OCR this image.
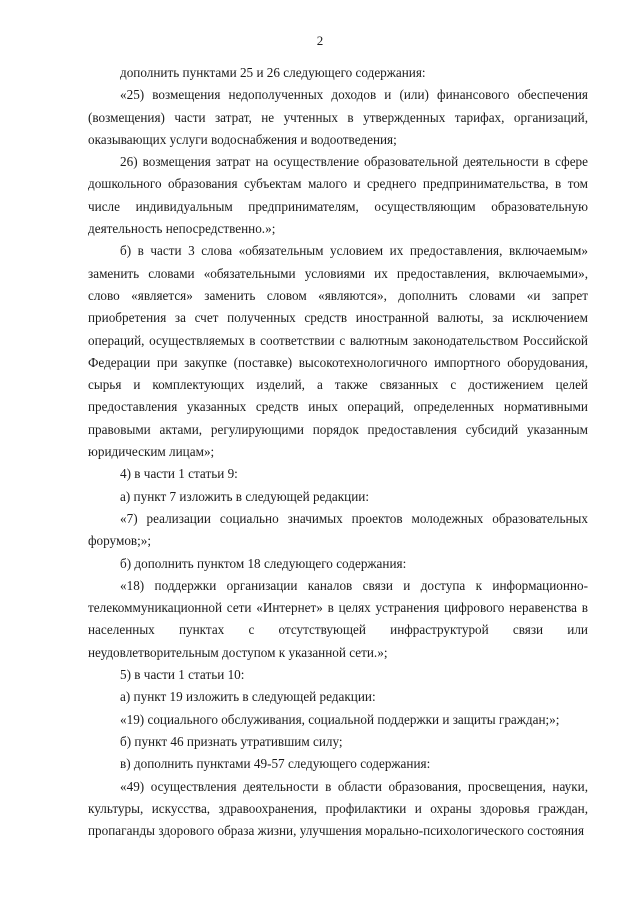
2

дополнить пунктами 25 и 26 следующего содержания:

«25) возмещения недополученных доходов и (или) финансового обеспечения (возмещения) части затрат, не учтенных в утвержденных тарифах, организаций, оказывающих услуги водоснабжения и водоотведения;

26) возмещения затрат на осуществление образовательной деятельности в сфере дошкольного образования субъектам малого и среднего предпринимательства, в том числе индивидуальным предпринимателям, осуществляющим образовательную деятельность непосредственно.»;

б) в части 3 слова «обязательным условием их предоставления, включаемым» заменить словами «обязательными условиями их предоставления, включаемыми», слово «является» заменить словом «являются», дополнить словами «и запрет приобретения за счет полученных средств иностранной валюты, за исключением операций, осуществляемых в соответствии с валютным законодательством Российской Федерации при закупке (поставке) высокотехнологичного импортного оборудования, сырья и комплектующих изделий, а также связанных с достижением целей предоставления указанных средств иных операций, определенных нормативными правовыми актами, регулирующими порядок предоставления субсидий указанным юридическим лицам»;

4) в части 1 статьи 9:

а) пункт 7 изложить в следующей редакции:

«7) реализации социально значимых проектов молодежных образовательных форумов;»;

б) дополнить пунктом 18 следующего содержания:

«18) поддержки организации каналов связи и доступа к информационно-телекоммуникационной сети «Интернет» в целях устранения цифрового неравенства в населенных пунктах с отсутствующей инфраструктурой связи или неудовлетворительным доступом к указанной сети.»;

5) в части 1 статьи 10:

а) пункт 19 изложить в следующей редакции:

«19) социального обслуживания, социальной поддержки и защиты граждан;»;

б) пункт 46 признать утратившим силу;

в) дополнить пунктами 49-57 следующего содержания:

«49) осуществления деятельности в области образования, просвещения, науки, культуры, искусства, здравоохранения, профилактики и охраны здоровья граждан, пропаганды здорового образа жизни, улучшения морально-психологического состояния
